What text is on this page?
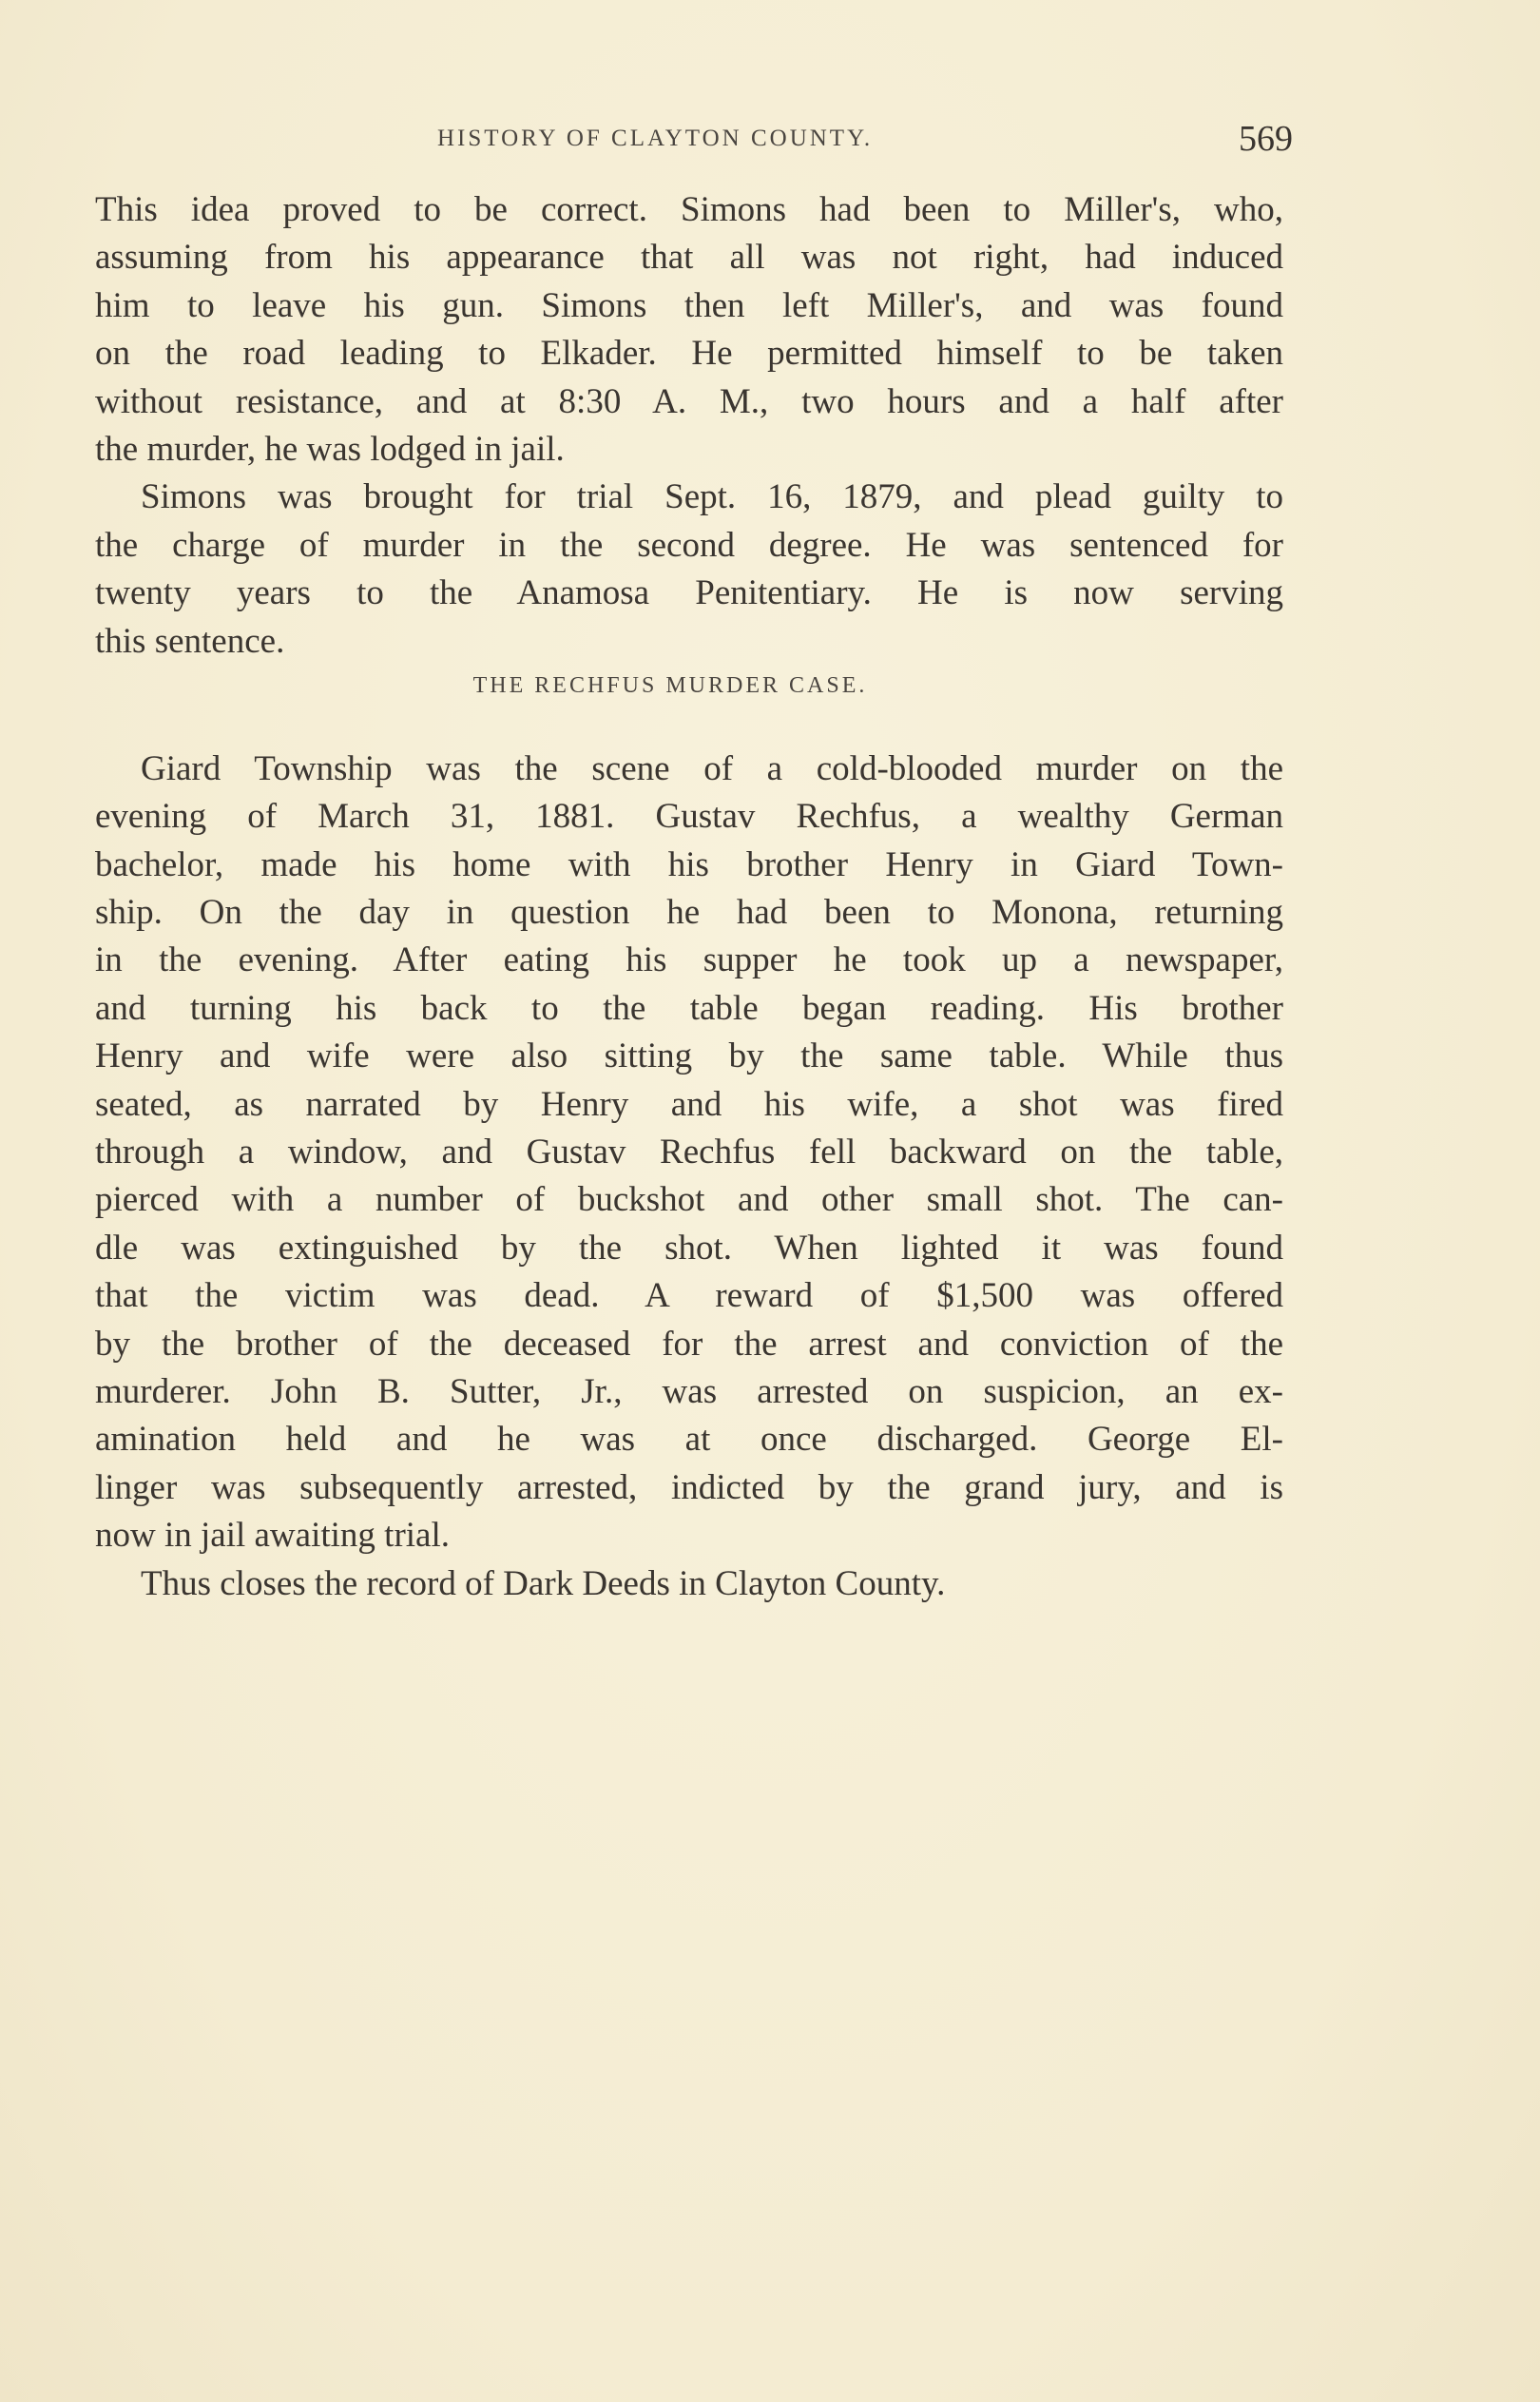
HISTORY OF CLAYTON COUNTY.	569
This idea proved to be correct. Simons had been to Miller's, who,
assuming from his appearance that all was not right, had induced
him to leave his gun. Simons then left Miller's, and was found
on the road leading to Elkader. He permitted himself to be taken
without resistance, and at 8:30 A. M., two hours and a half after
the murder, he was lodged in jail.
Simons was brought for trial Sept. 16, 1879, and plead guilty to
the charge of murder in the second degree. He was sentenced for
twenty years to the Anamosa Penitentiary. He is now serving
this sentence.
THE RECHFUS MURDER CASE.
Giard Township was the scene of a cold-blooded murder on the
evening of March 31, 1881. Gustav Rechfus, a wealthy German
bachelor, made his home with his brother Henry in Giard Town-
ship. On the day in question he had been to Monona, returning
in the evening. After eating his supper he took up a newspaper,
and turning his back to the table began reading. His brother
Henry and wife were also sitting by the same table. While thus
seated, as narrated by Henry and his wife, a shot was fired
through a window, and Gustav Rechfus fell backward on the table,
pierced with a number of buckshot and other small shot. The can-
dle was extinguished by the shot. When lighted it was found
that the victim was dead. A reward of $1,500 was offered
by the brother of the deceased for the arrest and conviction of the
murderer. John B. Sutter, Jr., was arrested on suspicion, an ex-
amination held and he was at once discharged. George El-
linger was subsequently arrested, indicted by the grand jury, and is
now in jail awaiting trial.
Thus closes the record of Dark Deeds in Clayton County.
